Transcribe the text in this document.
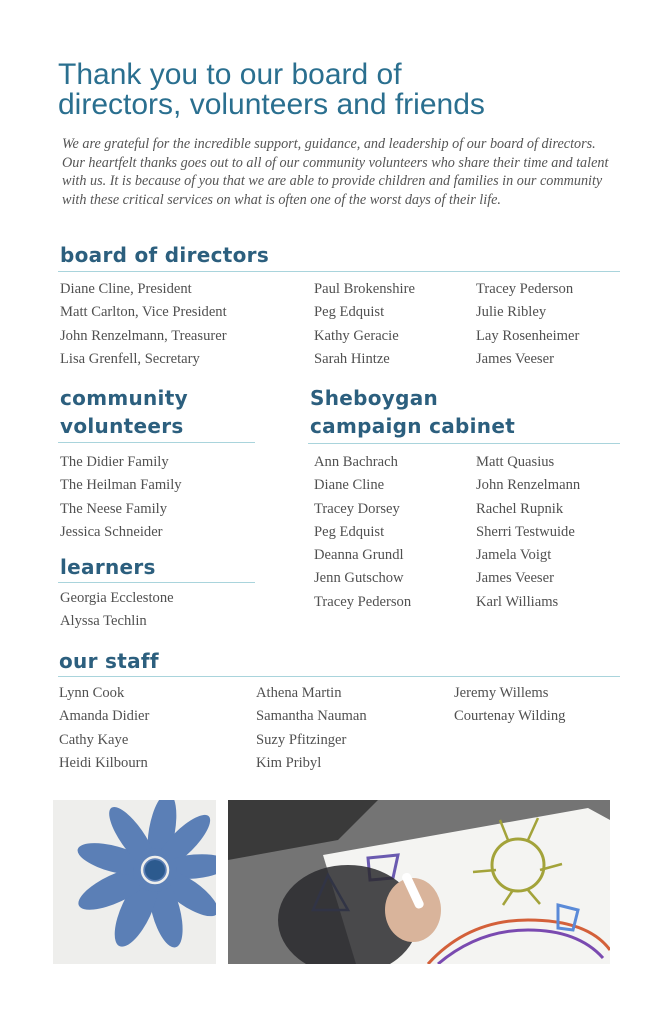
Thank you to our board of
directors, volunteers and friends

We are grateful for the incredible support, guidance, and leadership of our board of directors. Our heartfelt thanks goes out to all of our community volunteers who share their time and talent with us. It is because of you that we are able to provide children and families in our community with these critical services on what is often one of the worst days of their life.

board of directors
Diane Cline, President
Matt Carlton, Vice President
John Renzelmann, Treasurer
Lisa Grenfell, Secretary
Paul Brokenshire
Peg Edquist
Kathy Geracie
Sarah Hintze
Tracey Pederson
Julie Ribley
Lay Rosenheimer
James Veeser
community
volunteers
The Didier Family
The Heilman Family
The Neese Family
Jessica Schneider
learners
Georgia Ecclestone
Alyssa Techlin
Sheboygan
campaign cabinet
Ann Bachrach
Diane Cline
Tracey Dorsey
Peg Edquist
Deanna Grundl
Jenn Gutschow
Tracey Pederson
Matt Quasius
John Renzelmann
Rachel Rupnik
Sherri Testwuide
Jamela Voigt
James Veeser
Karl Williams
our staff
Lynn Cook
Amanda Didier
Cathy Kaye
Heidi Kilbourn
Athena Martin
Samantha Nauman
Suzy Pfitzinger
Kim Pribyl
Jeremy Willems
Courtenay Wilding
